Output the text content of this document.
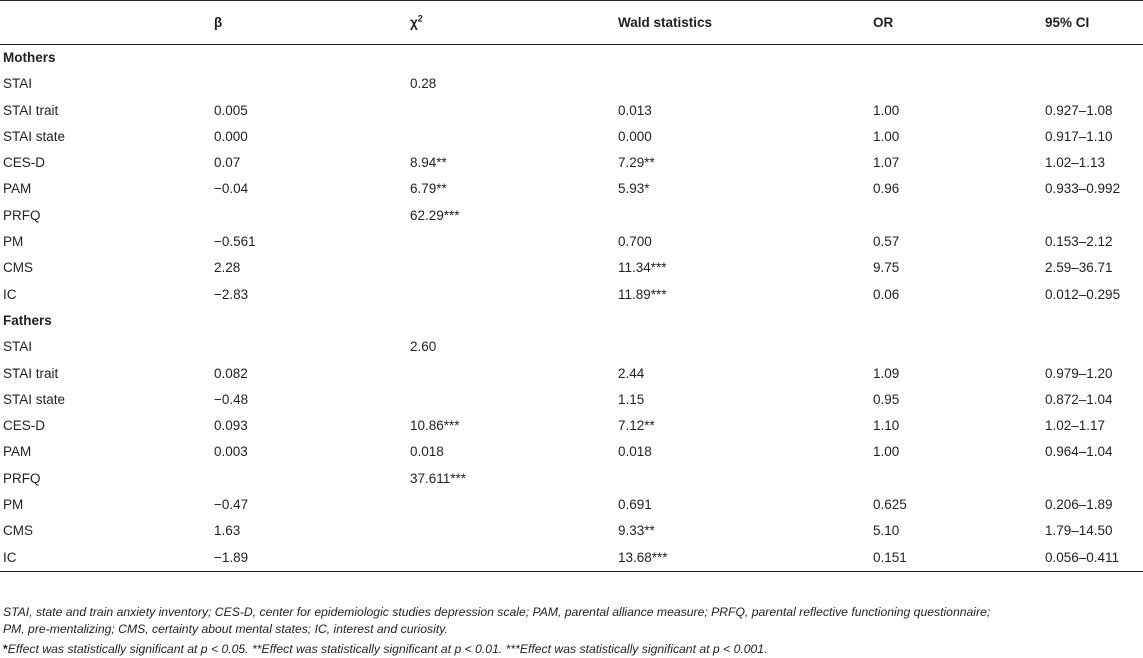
	β	$\chi^2$	Wald statistics	OR	95% CI
Mothers					
STAI		0.28			
STAI trait	0.005		0.013	1.00	0.927–1.08
STAI state	0.000		0.000	1.00	0.917–1.10
CES-D	0.07	8.94**	7.29**	1.07	1.02–1.13
PAM	−0.04	6.79**	5.93*	0.96	0.933–0.992
PRFQ		62.29***			
PM	−0.561		0.700	0.57	0.153–2.12
CMS	2.28		11.34***	9.75	2.59–36.71
IC	−2.83		11.89***	0.06	0.012–0.295
Fathers					
STAI		2.60			
STAI trait	0.082		2.44	1.09	0.979–1.20
STAI state	−0.48		1.15	0.95	0.872–1.04
CES-D	0.093	10.86***	7.12**	1.10	1.02–1.17
PAM	0.003	0.018	0.018	1.00	0.964–1.04
PRFQ		37.611***			
PM	−0.47		0.691	0.625	0.206–1.89
CMS	1.63		9.33**	5.10	1.79–14.50
IC	−1.89		13.68***	0.151	0.056–0.411
STAI, state and train anxiety inventory; CES-D, center for epidemiologic studies depression scale; PAM, parental alliance measure; PRFQ, parental reflective functioning questionnaire;
PM, pre-mentalizing; CMS, certainty about mental states; IC, interest and curiosity.
*Effect was statistically significant at p < 0.05. **Effect was statistically significant at p < 0.01. ***Effect was statistically significant at p < 0.001.
